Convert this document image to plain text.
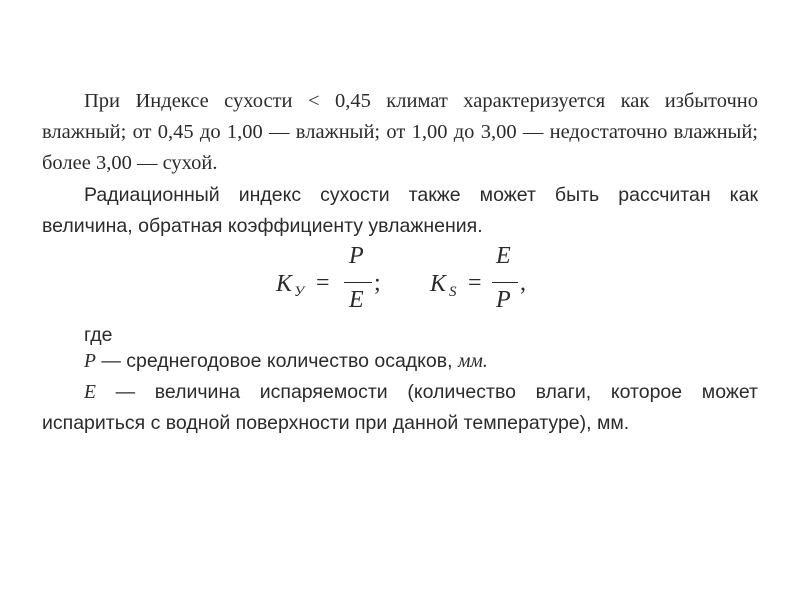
При Индексе сухости < 0,45 климат характеризуется как избыточно влажный; от 0,45 до 1,00 — влажный; от 1,00 до 3,00 — недостаточно влажный; более 3,00 — сухой.

Радиационный индекс сухости также может быть рассчитан как величина, обратная коэффициенту увлажнения.

K У =
P
E
; K S =
E
P
,

где

P — среднегодовое количество осадков, мм.

E — величина испаряемости (количество влаги, которое может испариться с водной поверхности при данной температуре), мм.
